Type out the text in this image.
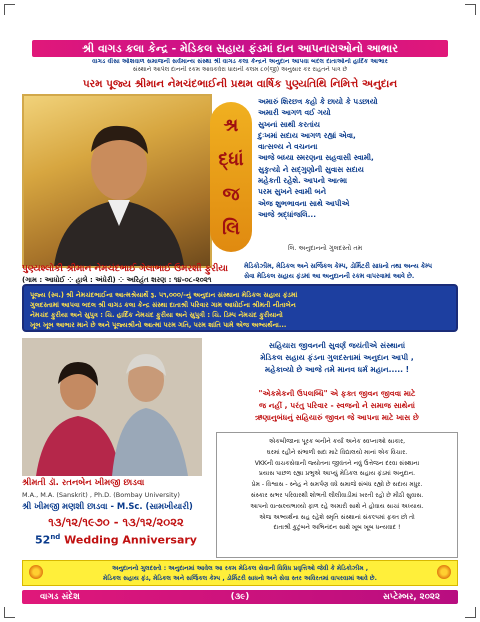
શ્રી વાગડ કલા કેન્દ્ર - મેડિકલ સહાય ફંડમાં દાન આપનારાઓનો આભાર
વાગડ વીસા ઓશવાળ સમાજની સર્વમાન્ય સંસ્થા શ્રી વાગડ કલા કેન્દ્રને અનુદાન આપવા બદલ દાતાઓનો હાર્દિક આભાર
સંસ્થાને આપેલ દાનની રકમ આવકવેરા ધારાની કલમ ૮૦(જી) અનુસાર કર રાહતને પાત્ર છે
પરમ પૂજ્ય શ્રીમાન નેમચંદભાઈની પ્રથમ વાર્ષિક પુણ્યતિથિ નિમિત્તે અનુદાન
શ્ર
દ્ધાં
જ
લિ
અમારું શિરછત્ર કહો કે છાયો કે પડછાયો
અમારી આગળ વઈ ગયો
સુખનાં સાથી કરતાંય
દુઃખમાં સદાય આગળ રહ્યાં એવા,
વાત્સલ્ય ને વચનના
આજે બધ્યા સ્મરણના સહવાસી સ્વામી,
સુકૃત્યો ને સદ્‌ગુણોની સુવાસ સદાય
મહેકતી રહેશે. આપનો આત્મા
પરમ સુખને સ્વામી બને
એજ શુભભાવના સાથે આપીએ
આજે શ્રદ્ધાંજલિ...
લિ. અનુદાનનો ગુલદસ્તો તમ
પુણ્યશ્લોકી શ્રીમાન નેમચંદભાઈ ગેલાભાઈ ઉમરશી ફુરીયા
(ગામ : આધોઈ ⁘ હાલે : અંધેરી) ⁘ અરિહંત શરણ : ૧૪-૦૮-૨૦૨૧
મેડિકોઝીમ, મેડિકલ અને સર્જિકલ કેમ્પ, ડોર્મિટરી સાધનો તથા અન્ય કેમ્પ
સેવા મેડિકલ સહાય ફંડમાં આ અનુદાનની રકમ વાપરવામાં આવે છે.
પૂજ્ય (સ્વ.) શ્રી નેમચંદભાઈના આત્મશ્રેયાર્થે રૂ. ૫૧,૦૦૦/-નું અનુદાન સંસ્થાના મેડિકલ સહાય ફંડમાં
ગુલદસ્તામાં આપવા બદલ શ્રી વાગડ કલા કેન્દ્ર સંસ્થા દાતાશ્રી પરિવાર ગામ આધોઈના શ્રીમતી નીતાબેન
નેમચંદ ફુરીયા અને સુપુત્ર : ચિ. હાર્દિક નેમચંદ ફુરીયા અને સુપુત્રી : ચિ. ડિમ્પ નેમચંદ ફુરીયાનો
ખૂબ ખૂબ આભાર માને છે અને પૂજ્યશ્રીનો આત્માં પરમ ગતિ, પરમ શાંતિ પામે એજ અભ્યર્થના...
શ્રીમતી ડૉ. રતનબેન ખીમજી છાડવા
M.A., M.A. (Sanskrit) , Ph.D. (Bombay University)
શ્રી ખીમજી મણશી છાડવા - M.Sc. (સામખીયારી)
૧૩/૧૨/૧૯૭૦ - ૧૩/૧૨/૨૦૨૨
52nd Wedding Anniversary
સહિયારા જીવનની સુવર્ણ જયંતીએ સંસ્થાનાં
મેડિકલ સહાય ફંડના ગુલદસ્તામાં અનુદાન આપી ,
મહેકાવ્યો છે આજે તમે માનવ ધર્મ મહાન..... !
"એકમેકની ઉપલબ્ધિ" એ ફક્ત જીવન જીવવા માટે
જ નહીં , પરંતુ પરિવાર - સ્વજનો ને સમાજ સાથેનાં
ઋણાનુબંધનું સહિયારું જીવન જે આપના માટે ખાસ છે
એકબીજાના પૂરક બનીને કર્યાં અનેક સ્વપ્નાઓ સાકાર,
ઘરમાં રહીને સંભાળી સદા માટે વિદ્યાલયો માનાં એક વિચાર.
VKKની વાચકસેવાની જ્યોતના જીવંતને નવું ઉત્તેજન દરવા સંસ્થાના
પ્રયાસ પાછળ રહ્યા પ્રભુએ આપ્યું મેડિકલ સહાય ફંડમાં અનુદાન.
પ્રેમ - વિશ્વાસ - સ્નેહ ને સમર્પણ વધે સમાજે સંબંધ રહ્યો છે સદાય મધુર.
સંસ્કાર સભર પરિવારથી શોભતી લીલીવાડીમાં ખરતી રહો છે મીઠી સુવાસ.
આપનો વાત્સલ્યભાવ્યો ફાળ રહે અમારી સાથે ને હોવાય સાચાં અધ્યાય.
એજ અભ્યર્થના સહ રહેશે સ્મૃતિ સંસ્થાનાં સંકલ્પમાં ફક્ત છો તો
દાતાશ્રી કુટુંબને અભિનંદન સાથે ખૂબ ખૂબ ધન્યવાદ !
અનુદાનનો ગુલદસ્તો : અનુદાનમાં આવેલ આ રકમ મેડિકલ સેવાની વિવિધ પ્રવૃત્તિઓ જેવી કે મેડિકોઝીમ ,
મેડિકલ સહાય ફંડ, મેડિકલ અને સર્જિકલ કેમ્પ , ડોર્મિટરી સાધનો અને સેવા સ્તર અવિરતમાં વાપરવામાં આવે છે.
(૩૯)
વાગડ સંદેશ	સપ્ટેમ્બર, ૨૦૨૨
